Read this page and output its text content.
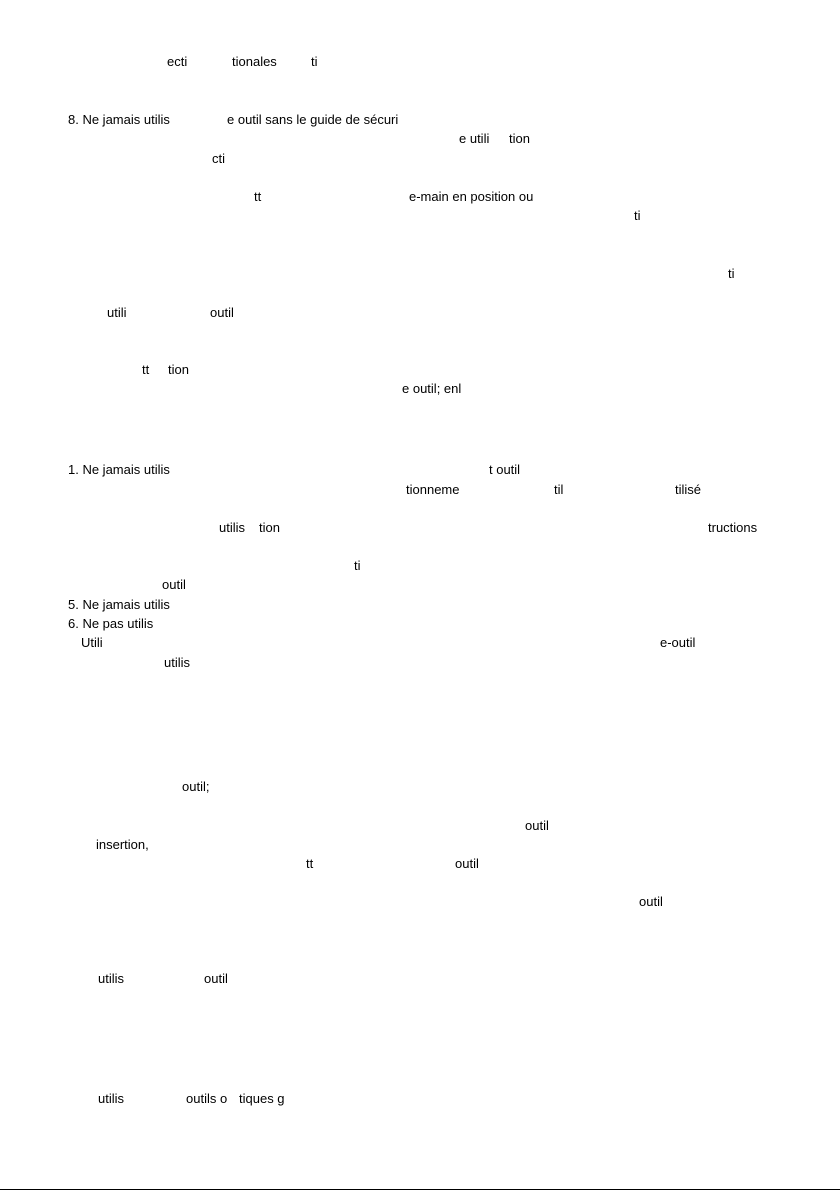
ecti	tionales	ti
8. Ne jamais utilis	e outil sans le guide de sécuri
e utili tion
cti
tt	e-main en position ou
ti
ti
utili	outil
tt tion
e outil; enl
1. Ne jamais utilis	t outil
tionneme	til	tilisé
utilis tion	tructions
ti
outil
5. Ne jamais utilis
6. Ne pas utilis
Utili	e-outil
utilis
outil;
outil
insertion,
tt	outil
outil
utilis	outil
utilis	outils o tiques g
